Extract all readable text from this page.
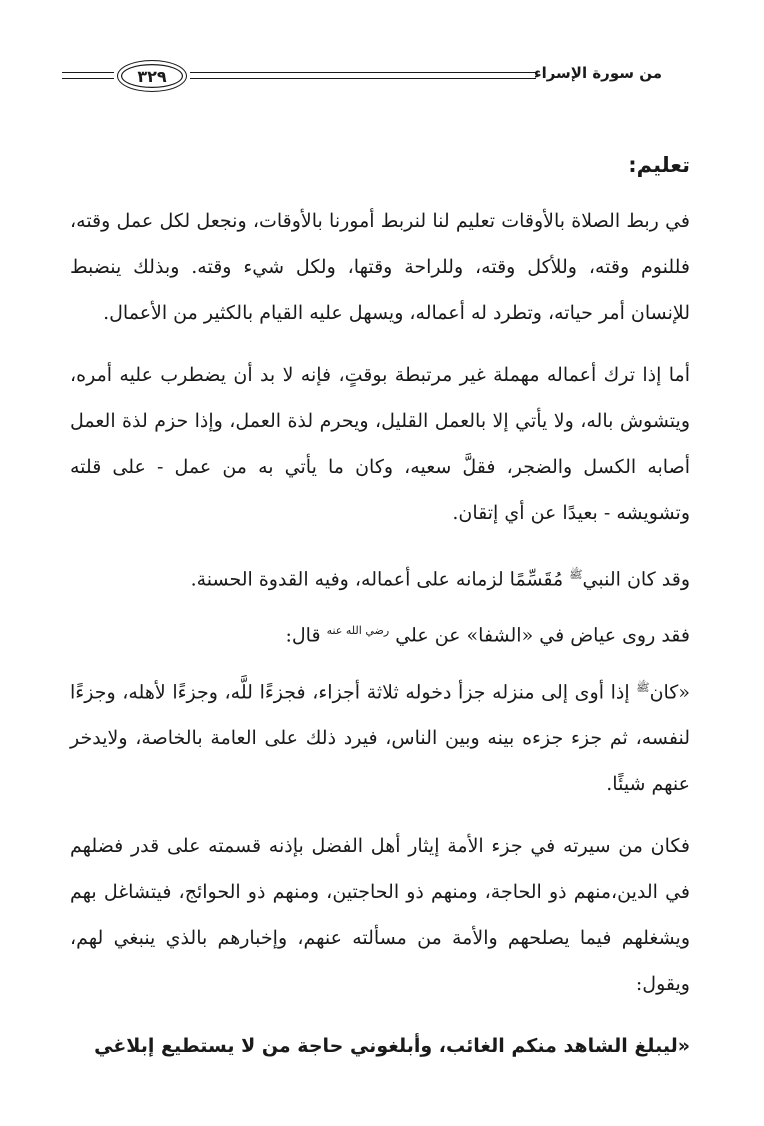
٣٢٩	من سورة الإسراء
تعليم:

في ربط الصلاة بالأوقات تعليم لنا لنربط أمورنا بالأوقات، ونجعل لكل عمل وقته، فللنوم وقته، وللأكل وقته، وللراحة وقتها، ولكل شيء وقته. وبذلك ينضبط للإنسان أمر حياته، وتطرد له أعماله، ويسهل عليه القيام بالكثير من الأعمال.

أما إذا ترك أعماله مهملة غير مرتبطة بوقتٍ، فإنه لا بد أن يضطرب عليه أمره، ويتشوش باله، ولا يأتي إلا بالعمل القليل، ويحرم لذة العمل، وإذا حزم لذة العمل أصابه الكسل والضجر، فقلَّ سعيه، وكان ما يأتي به من عمل - على قلته وتشويشه - بعيدًا عن أي إتقان.

وقد كان النبي$^ﷺ$ مُقَسِّمًا لزمانه على أعماله، وفيه القدوة الحسنة.

فقد روى عياض في «الشفا» عن علي $^{رضي الله عنه}$ قال:

«كان$^ﷺ$ إذا أوى إلى منزله جزأ دخوله ثلاثة أجزاء، فجزءًا للَّه، وجزءًا لأهله، وجزءًا لنفسه، ثم جزء جزءه بينه وبين الناس، فيرد ذلك على العامة بالخاصة، ولايدخر عنهم شيئًا.

فكان من سيرته في جزء الأمة إيثار أهل الفضل بإذنه قسمته على قدر فضلهم في الدين،منهم ذو الحاجة، ومنهم ذو الحاجتين، ومنهم ذو الحوائج، فيتشاغل بهم ويشغلهم فيما يصلحهم والأمة من مسألته عنهم، وإخبارهم بالذي ينبغي لهم، ويقول:

«ليبلغ الشاهد منكم الغائب، وأبلغوني حاجة من لا يستطيع إبلاغي
